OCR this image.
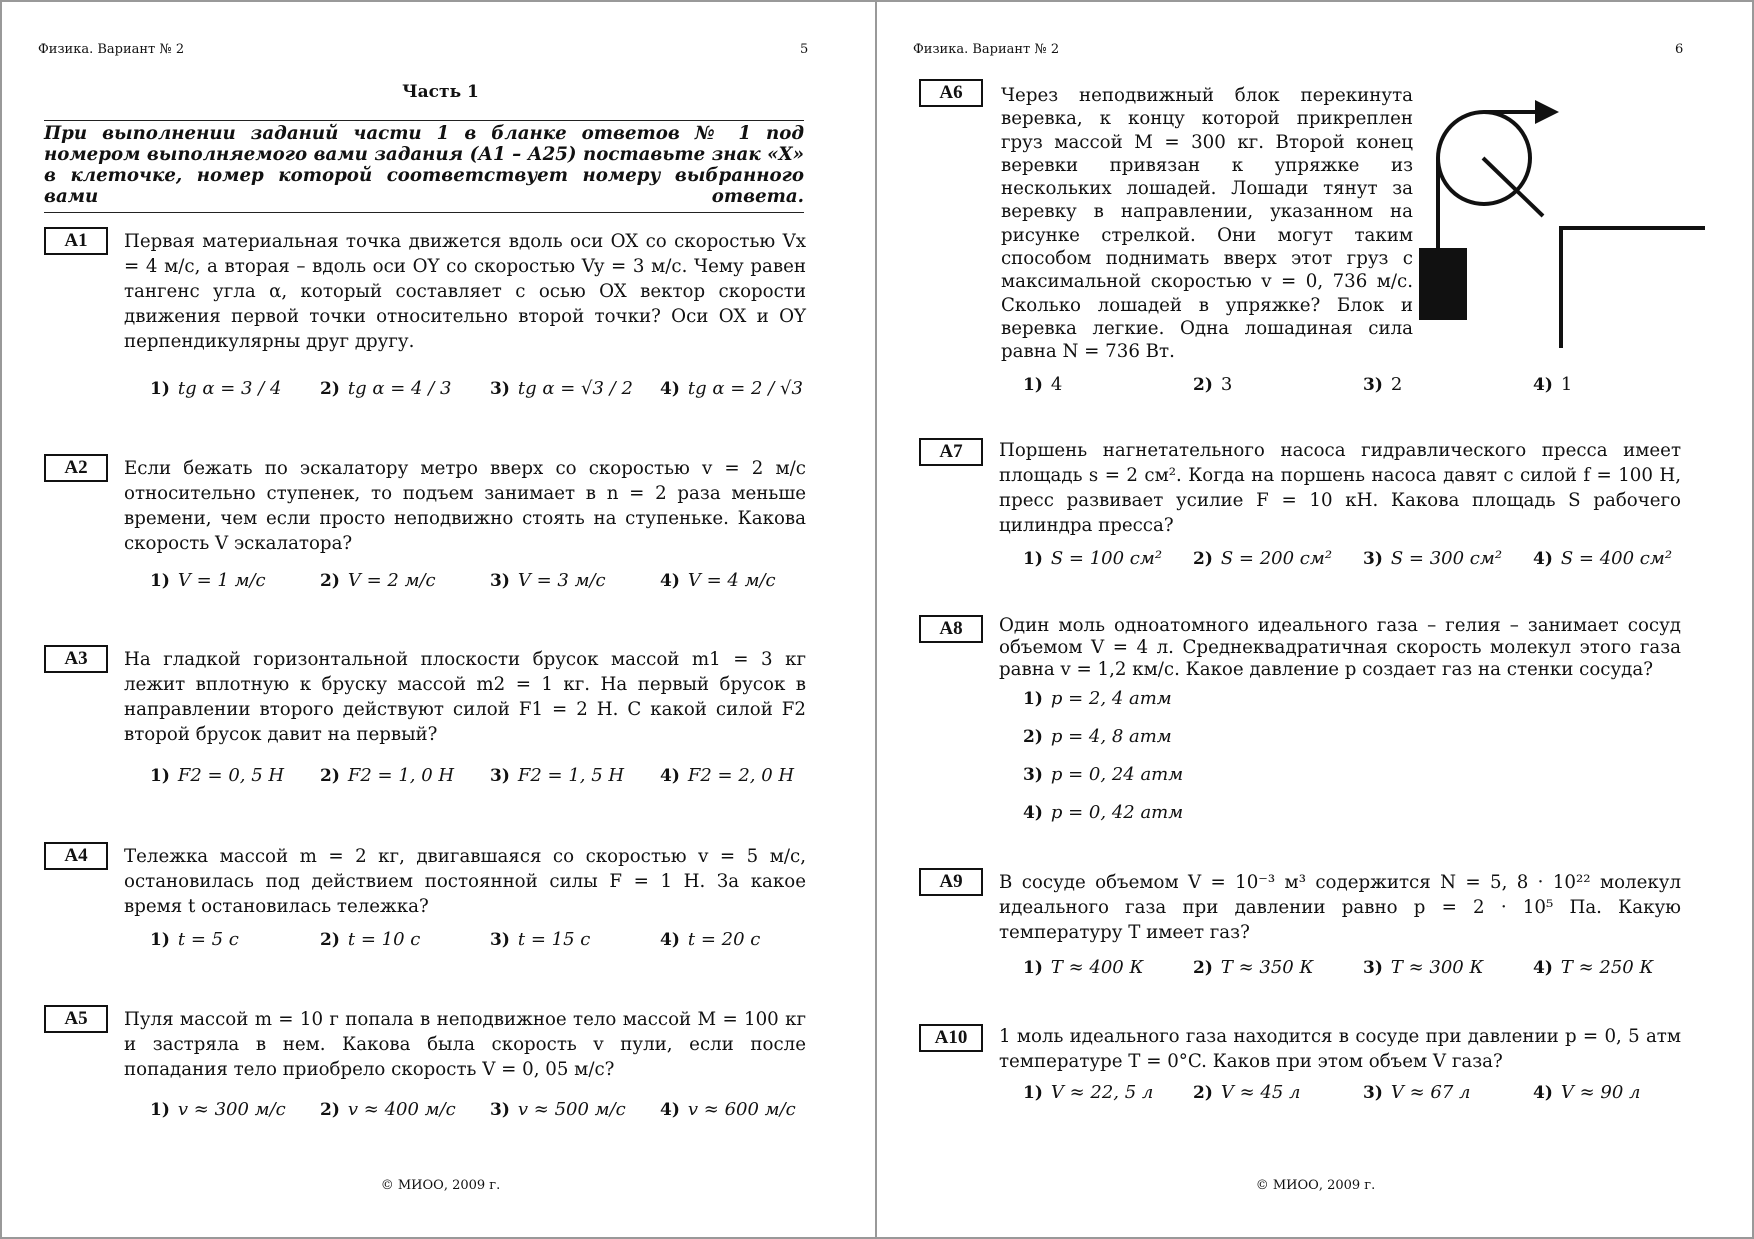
Физика. Вариант № 2	5
Часть 1
При выполнении заданий части 1 в бланке ответов № 1 под номером выполняемого вами задания (А1 – А25) поставьте знак «Х» в клеточке, номер которой соответствует номеру выбранного вами ответа.
А1	Первая материальная точка движется вдоль оси OX со скоростью Vx = 4 м/с, а вторая – вдоль оси OY со скоростью Vy = 3 м/с. Чему равен тангенс угла α, который составляет с осью OX вектор скорости движения первой точки относительно второй точки? Оси OX и OY перпендикулярны друг другу.
1) tg α = 3 / 4 2) tg α = 4 / 3 3) tg α = √3 / 2 4) tg α = 2 / √3
А2	Если бежать по эскалатору метро вверх со скоростью v = 2 м/с относительно ступенек, то подъем занимает в n = 2 раза меньше времени, чем если просто неподвижно стоять на ступеньке. Какова скорость V эскалатора?
1) V = 1 м/с	2) V = 2 м/с	3) V = 3 м/с	4) V = 4 м/с
А3	На гладкой горизонтальной плоскости брусок массой m1 = 3 кг лежит вплотную к бруску массой m2 = 1 кг. На первый брусок в направлении второго действуют силой F1 = 2 Н. С какой силой F2 второй брусок давит на первый?
1) F2 = 0, 5 Н 2) F2 = 1, 0 Н 3) F2 = 1, 5 Н 4) F2 = 2, 0 Н
А4	Тележка массой m = 2 кг, двигавшаяся со скоростью v = 5 м/с, остановилась под действием постоянной силы F = 1 Н. За какое время t остановилась тележка?
1) t = 5 с	2) t = 10 с	3) t = 15 с	4) t = 20 с
А5	Пуля массой m = 10 г попала в неподвижное тело массой M = 100 кг и застряла в нем. Какова была скорость v пули, если после попадания тело приобрело скорость V = 0, 05 м/с?
1) v ≈ 300 м/с 2) v ≈ 400 м/с 3) v ≈ 500 м/с 4) v ≈ 600 м/с
© МИОО, 2009 г.
Физика. Вариант № 2	6
А6	Через неподвижный блок перекинута веревка, к концу которой прикреплен груз массой M = 300 кг. Второй конец веревки привязан к упряжке из нескольких лошадей. Лошади тянут за веревку в направлении, указанном на рисунке стрелкой. Они могут таким способом поднимать вверх этот груз с максимальной скоростью v = 0, 736 м/с. Сколько лошадей в упряжке? Блок и веревка легкие. Одна лошадиная сила равна N = 736 Вт.
1) 4	2) 3	3) 2	4) 1
А7	Поршень нагнетательного насоса гидравлического пресса имеет площадь s = 2 см². Когда на поршень насоса давят с силой f = 100 Н, пресс развивает усилие F = 10 кН. Какова площадь S рабочего цилиндра пресса?
1) S = 100 см² 2) S = 200 см² 3) S = 300 см² 4) S = 400 см²
А8	Один моль одноатомного идеального газа – гелия – занимает сосуд объемом V = 4 л. Среднеквадратичная скорость молекул этого газа равна v = 1,2 км/с. Какое давление p создает газ на стенки сосуда?
1) p = 2, 4 атм
2) p = 4, 8 атм
3) p = 0, 24 атм
4) p = 0, 42 атм
А9	В сосуде объемом V = 10⁻³ м³ содержится N = 5, 8 · 10²² молекул идеального газа при давлении равно p = 2 · 10⁵ Па. Какую температуру T имеет газ?
1) T ≈ 400 К	2) T ≈ 350 К	3) T ≈ 300 К	4) T ≈ 250 К
А10	1 моль идеального газа находится в сосуде при давлении p = 0, 5 атм температуре T = 0°C. Каков при этом объем V газа?
1) V ≈ 22, 5 л 2) V ≈ 45 л	3) V ≈ 67 л	4) V ≈ 90 л
© МИОО, 2009 г.
